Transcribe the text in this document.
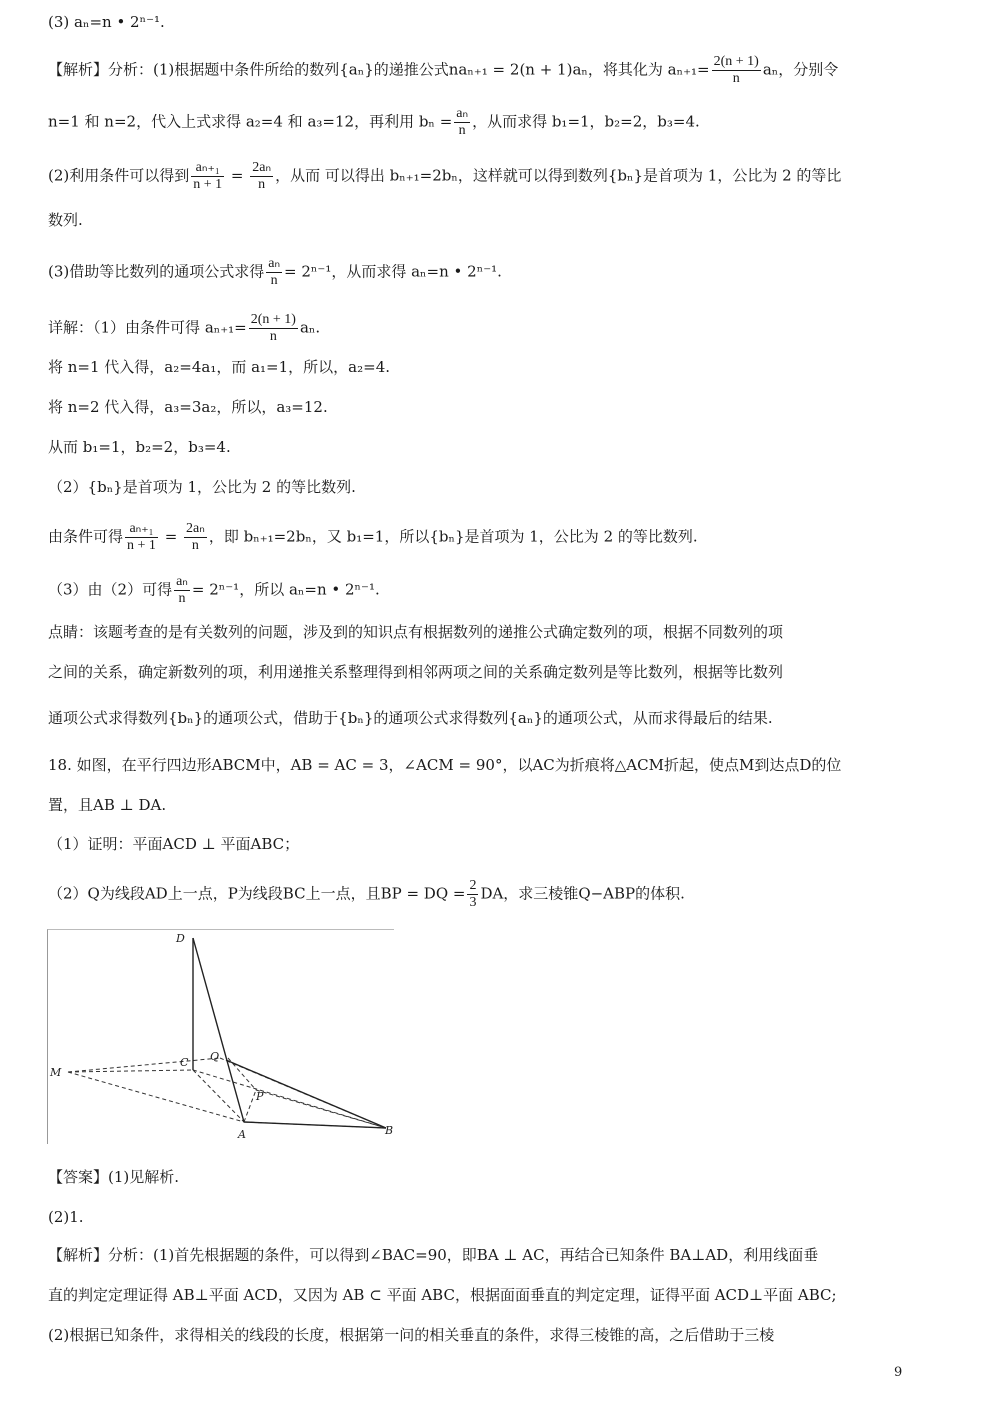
(3) aₙ=n • 2ⁿ⁻¹.
【解析】分析：(1)根据题中条件所给的数列{aₙ}的递推公式naₙ₊₁ = 2(n + 1)aₙ，将其化为 $a_{n+1}= \frac{2(n + 1)}{n}$ aₙ，分别令
n=1 和 n=2，代入上式求得 a₂=4 和 a₃=12，再利用 $b_n = \frac{\text{aₙ}}{n}$ ，从而求得 b₁=1，b₂=2，b₃=4.
(2)利用条件可以得到 $\frac{\text{aₙ₊₁}}{n + 1} = \frac{\text{2aₙ}}{n}$ ，从而 可以得出 bₙ₊₁=2bₙ，这样就可以得到数列{bₙ}是首项为 1，公比为 2 的等比
数列.
(3)借助等比数列的通项公式求得 $\frac{\text{aₙ}}{n} = 2^{n-1}$，从而求得 aₙ=n • 2ⁿ⁻¹.
详解：（1）由条件可得 $a_{n+1}= \frac{2(n + 1)}{n} a_n$.
将 n=1 代入得，a₂=4a₁，而 a₁=1，所以，a₂=4.
将 n=2 代入得，a₃=3a₂，所以，a₃=12.
从而 b₁=1，b₂=2，b₃=4.
（2）{bₙ}是首项为 1，公比为 2 的等比数列.
由条件可得 $\frac{\text{aₙ₊₁}}{n + 1} = \frac{\text{2aₙ}}{n}$ ，即 bₙ₊₁=2bₙ，又 b₁=1，所以{bₙ}是首项为 1，公比为 2 的等比数列.
（3）由（2）可得 $\frac{\text{aₙ}}{n} = 2^{n-1}$，所以 aₙ=n • 2ⁿ⁻¹.
点睛：该题考查的是有关数列的问题，涉及到的知识点有根据数列的递推公式确定数列的项，根据不同数列的项
之间的关系，确定新数列的项，利用递推关系整理得到相邻两项之间的关系确定数列是等比数列，根据等比数列
通项公式求得数列{bₙ}的通项公式，借助于{bₙ}的通项公式求得数列{aₙ}的通项公式，从而求得最后的结果.
18. 如图，在平行四边形ABCM中，AB = AC = 3，∠ACM = 90°，以AC为折痕将△ACM折起，使点M到达点D的位
置，且AB ⊥ DA.
（1）证明：平面ACD ⊥ 平面ABC；
（2）Q为线段AD上一点，P为线段BC上一点，且BP = DQ = $\frac{2}{3}$ DA，求三棱锥Q−ABP的体积.
D
C Q
M
P
A	B
【答案】(1)见解析.
(2)1.
【解析】分析：(1)首先根据题的条件，可以得到∠BAC=90，即BA ⊥ AC，再结合已知条件 BA⊥AD，利用线面垂
直的判定定理证得 AB⊥平面 ACD，又因为 AB ⊂ 平面 ABC，根据面面垂直的判定定理，证得平面 ACD⊥平面 ABC;
(2)根据已知条件，求得相关的线段的长度，根据第一问的相关垂直的条件，求得三棱锥的高，之后借助于三棱
9
